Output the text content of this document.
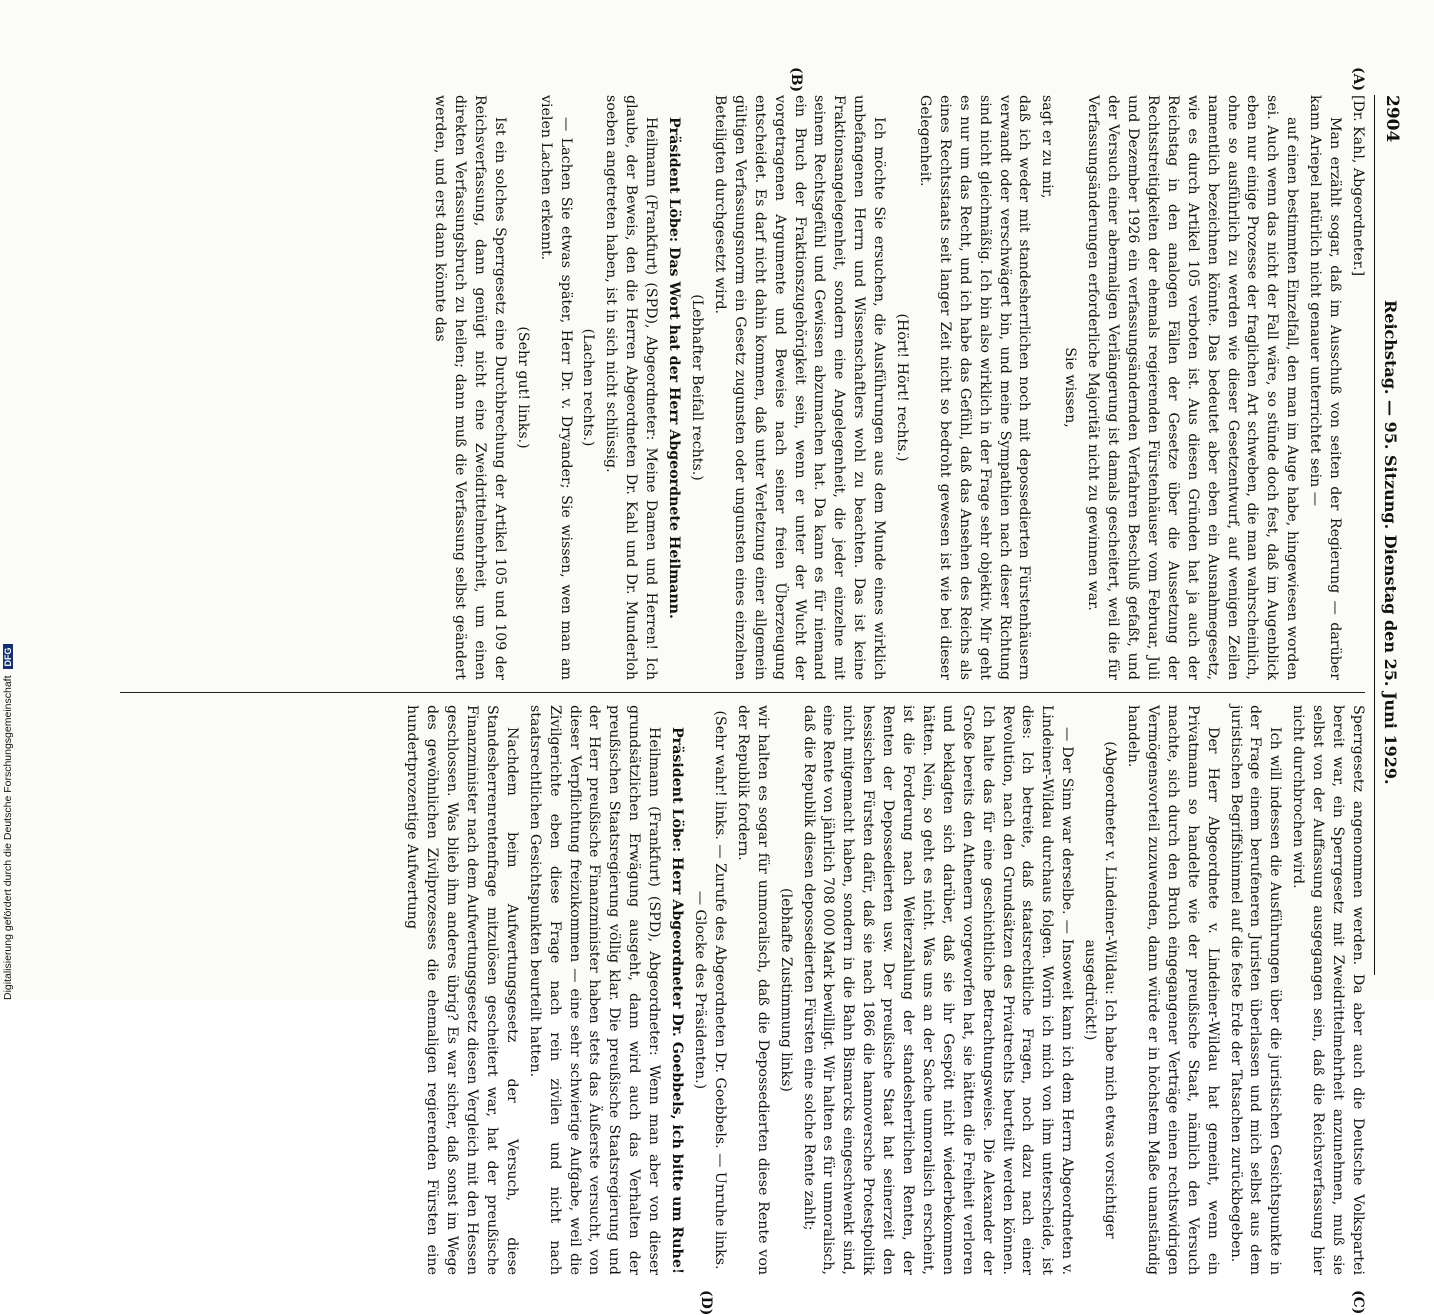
2904
Reichstag. — 95. Sitzung. Dienstag den 25. Juni 1929.
(A)
(B)
(C)
(D)

[Dr. Kahl, Abgeordneter.]

Man erzählt sogar, daß im Ausschuß von seiten der Regierung — darüber kann Ariepel natürlich nicht genauer unterrichtet sein —

auf einen bestimmten Einzelfall, den man im Auge habe, hingewiesen worden sei. Auch wenn das nicht der Fall wäre, so stünde doch fest, daß im Augenblick eben nur einige Prozesse der fraglichen Art schweben, die man wahrscheinlich, ohne so ausführlich zu werden wie dieser Gesetzentwurf, auf wenigen Zeilen namentlich bezeichnen könnte. Das bedeutet aber eben ein Ausnahmegesetz, wie es durch Artikel 105 verboten ist. Aus diesen Gründen hat ja auch der Reichstag in den analogen Fällen der Gesetze über die Aussetzung der Rechtsstreitigkeiten der ehemals regierenden Fürstenhäuser vom Februar, Juli und Dezember 1926 ein verfassungsändernden Verfahren Beschluß gefaßt, und der Versuch einer abermaligen Verlängerung ist damals gescheitert, weil die für Verfassungsänderungen erforderliche Majorität nicht zu gewinnen war.

Sie wissen,

sagt er zu mir,

daß ich weder mit standesherrlichen noch mit depossedierten Fürstenhäusern verwandt oder verschwägert bin, und meine Sympathien nach dieser Richtung sind nicht gleichmäßig. Ich bin also wirklich in der Frage sehr objektiv. Mir geht es nur um das Recht, und ich habe das Gefühl, daß das Ansehen des Reichs als eines Rechtsstaats seit langer Zeit nicht so bedroht gewesen ist wie bei dieser Gelegenheit.

(Hört! Hört! rechts.)

Ich möchte Sie ersuchen, die Ausführungen aus dem Munde eines wirklich unbefangenen Herrn und Wissenschaftlers wohl zu beachten. Das ist keine Fraktionsangelegenheit, sondern eine Angelegenheit, die jeder einzelne mit seinem Rechtsgefühl und Gewissen abzumachen hat. Da kann es für niemand ein Bruch der Fraktionszugehörigkeit sein, wenn er unter der Wucht der vorgetragenen Argumente und Beweise nach seiner freien Überzeugung entscheidet. Es darf nicht dahin kommen, daß unter Verletzung einer allgemein gültigen Verfassungsnorm ein Gesetz zugunsten oder ungunsten eines einzelnen Beteiligten durchgesetzt wird.

(Lebhafter Beifall rechts.)

Präsident Löbe: Das Wort hat der Herr Abgeordnete Heilmann.

Heilmann (Frankfurt) (SPD), Abgeordneter: Meine Damen und Herren! Ich glaube, der Beweis, den die Herren Abgeordneten Dr. Kahl und Dr. Munderloh soeben angetreten haben, ist in sich nicht schlüssig.

(Lachen rechts.)

— Lachen Sie etwas später, Herr Dr. v. Dryander; Sie wissen, wen man am vielen Lachen erkennt.

(Sehr gut! links.)

Ist ein solches Sperrgesetz eine Durchbrechung der Artikel 105 und 109 der Reichsverfassung, dann genügt nicht eine Zweidrittelmehrheit, um einen direkten Verfassungsbruch zu heilen; dann muß die Verfassung selbst geändert werden, und erst dann könnte das

Sperrgesetz angenommen werden. Da aber auch die Deutsche Volkspartei bereit war, ein Sperrgesetz mit Zweidrittelmehrheit anzunehmen, muß sie selbst von der Auffassung ausgegangen sein, daß die Reichsverfassung hier nicht durchbrochen wird.

Ich will indessen die Ausführungen über die juristischen Gesichtspunkte in der Frage einem berufeneren Juristen überlassen und mich selbst aus dem juristischen Begriffshimmel auf die feste Erde der Tatsachen zurückbegeben.

Der Herr Abgeordnete v. Lindeiner-Wildau hat gemeint, wenn ein Privatmann so handelte wie der preußische Staat, nämlich den Versuch machte, sich durch den Bruch eingegangener Verträge einen rechtswidrigen Vermögensvorteil zuzuwenden, dann würde er in höchstem Maße unanständig handeln.

(Abgeordneter v. Lindeiner-Wildau: Ich habe mich etwas vorsichtiger ausgedrückt!)

— Der Sinn war derselbe. — Insoweit kann ich dem Herrn Abgeordneten v. Lindeiner-Wildau durchaus folgen. Worin ich mich von ihm unterscheide, ist dies: Ich betreite, daß staatsrechtliche Fragen, noch dazu nach einer Revolution, nach den Grundsätzen des Privatrechts beurteilt werden können. Ich halte das für eine geschichtliche Betrachtungsweise. Die Alexander der Große bereits den Athenern vorgeworfen hat, sie hätten die Freiheit verloren und beklagten sich darüber, daß sie ihr Gespött nicht wiederbekommen hätten. Nein, so geht es nicht. Was uns an der Sache unmoralisch erscheint, ist die Forderung nach Weiterzahlung der standesherrlichen Renten, der Renten der Depossedierten usw. Der preußische Staat hat seinerzeit den hessischen Fürsten dafür, daß sie nach 1866 die hannoversche Protestpolitik nicht mitgemacht haben, sondern in die Bahn Bismarcks eingeschwenkt sind, eine Rente von jährlich 708 000 Mark bewilligt. Wir halten es für unmoralisch, daß die Republik diesen depossedierten Fürsten eine solche Rente zahlt;

(lebhafte Zustimmung links)

wir halten es sogar für unmoralisch, daß die Depossedierten diese Rente von der Republik fordern.

(Sehr wahr! links. — Zurufe des Abgeordneten Dr. Goebbels. — Unruhe links. — Glocke des Präsidenten.)

Präsident Löbe: Herr Abgeordneter Dr. Goebbels, ich bitte um Ruhe!

Heilmann (Frankfurt) (SPD), Abgeordneter: Wenn man aber von dieser grundsätzlichen Erwägung ausgeht, dann wird auch das Verhalten der preußischen Staatsregierung völlig klar. Die preußische Staatsregierung und der Herr preußische Finanzminister haben stets das Äußerste versucht, von dieser Verpflichtung freizukommen — eine sehr schwierige Aufgabe, weil die Zivilgerichte eben diese Frage nach rein zivilen und nicht nach staatsrechtlichen Gesichtspunkten beurteilt hatten.

Nachdem beim Aufwertungsgesetz der Versuch, diese Standesherrenrentenfrage mitzulösen gescheitert war, hat der preußische Finanzminister nach dem Aufwertungsgesetz diesen Vergleich mit den Hessen geschlossen. Was blieb ihm anderes übrig? Es war sicher, daß sonst im Wege des gewöhnlichen Zivilprozesses die ehemaligen regierenden Fürsten eine hundertprozentige Aufwertung

Digitalisierung gefördert durch die Deutsche ForschungsgemeinschaftDFG
